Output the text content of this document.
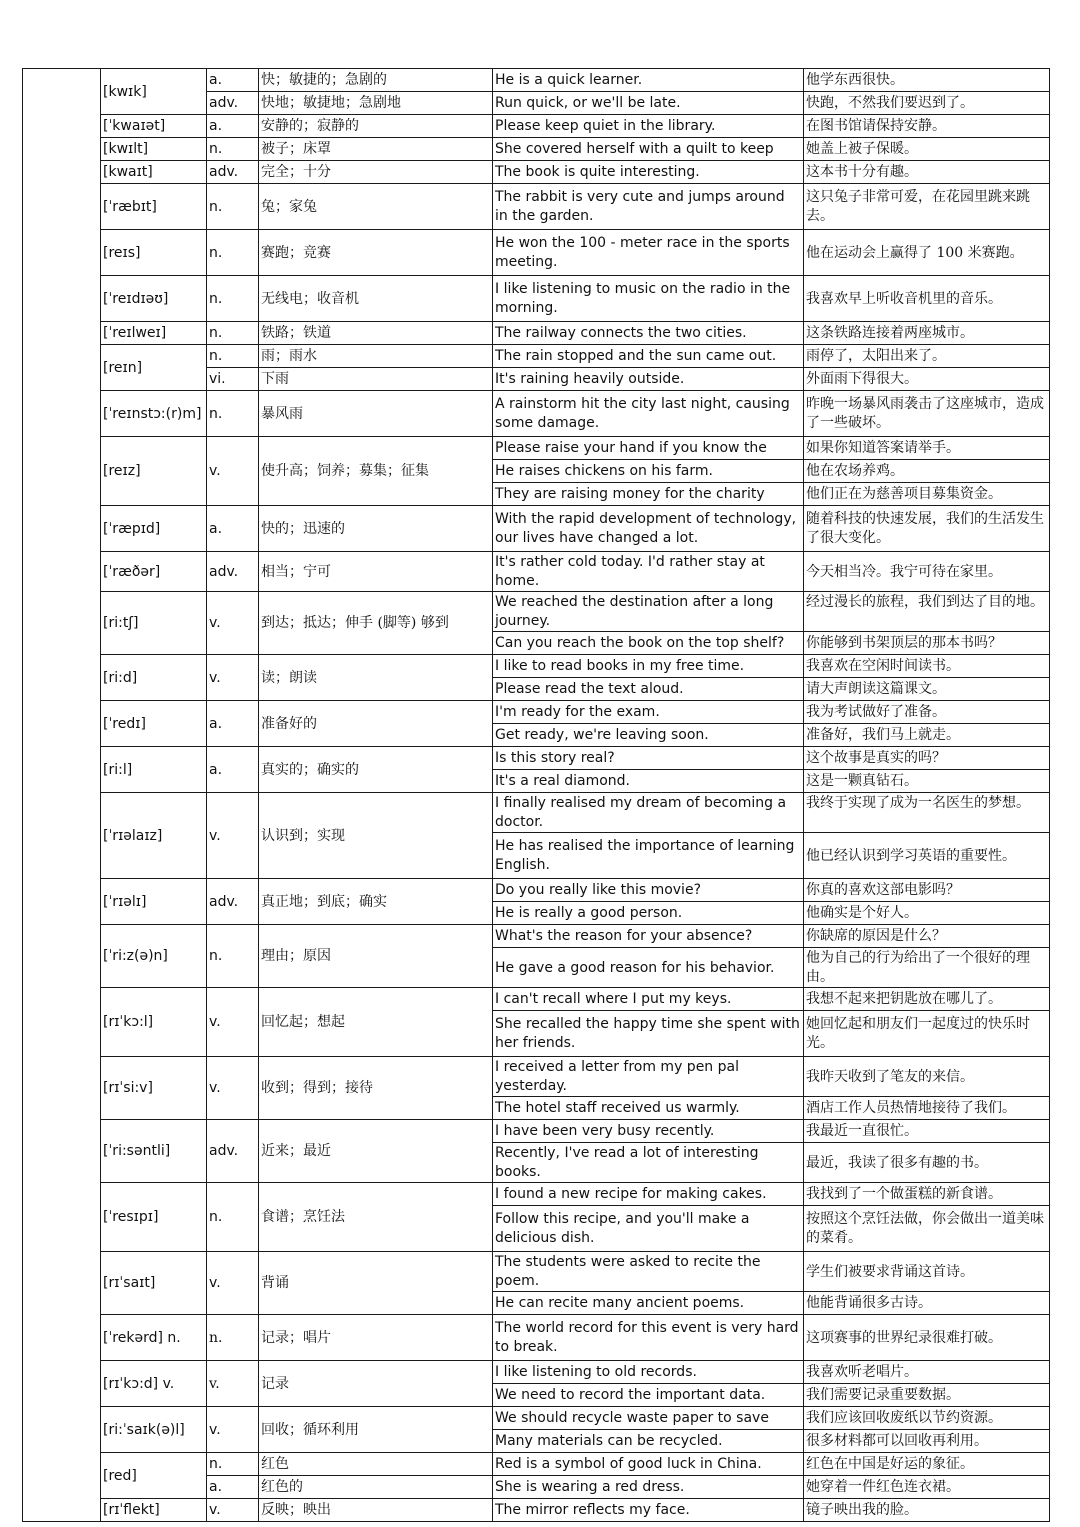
	[kwɪk]	a.	快；敏捷的；急剧的	He is a quick learner.	他学东西很快。
		adv.	快地；敏捷地；急剧地	Run quick, or we'll be late.	快跑，不然我们要迟到了。
	[ˈkwaɪət]	a.	安静的；寂静的	Please keep quiet in the library.	在图书馆请保持安静。
	[kwɪlt]	n.	被子；床罩	She covered herself with a quilt to keep	她盖上被子保暖。
	[kwaɪt]	adv.	完全；十分	The book is quite interesting.	这本书十分有趣。
	[ˈræbɪt]	n.	兔；家兔	The rabbit is very cute and jumps around in the garden.	这只兔子非常可爱，在花园里跳来跳去。
	[reɪs]	n.	赛跑；竞赛	He won the 100 - meter race in the sports meeting.	他在运动会上赢得了 100 米赛跑。
	[ˈreɪdɪəʊ]	n.	无线电；收音机	I like listening to music on the radio in the morning.	我喜欢早上听收音机里的音乐。
	[ˈreɪlweɪ]	n.	铁路；铁道	The railway connects the two cities.	这条铁路连接着两座城市。
	[reɪn]	n.	雨；雨水	The rain stopped and the sun came out.	雨停了，太阳出来了。
		vi.	下雨	It's raining heavily outside.	外面雨下得很大。
	[ˈreɪnstɔ:(r)m]	n.	暴风雨	A rainstorm hit the city last night, causing some damage.	昨晚一场暴风雨袭击了这座城市，造成了一些破坏。
	[reɪz]	v.	使升高；饲养；募集；征集	Please raise your hand if you know the	如果你知道答案请举手。
				He raises chickens on his farm.	他在农场养鸡。
				They are raising money for the charity	他们正在为慈善项目募集资金。
	[ˈræpɪd]	a.	快的；迅速的	With the rapid development of technology, our lives have changed a lot.	随着科技的快速发展，我们的生活发生了很大变化。
	[ˈræðər]	adv.	相当；宁可	It's rather cold today. I'd rather stay at home.	今天相当冷。我宁可待在家里。
	[ri:tʃ]	v.	到达；抵达；伸手 (脚等) 够到	We reached the destination after a long journey.	经过漫长的旅程，我们到达了目的地。
				Can you reach the book on the top shelf?	你能够到书架顶层的那本书吗？
	[ri:d]	v.	读；朗读	I like to read books in my free time.	我喜欢在空闲时间读书。
				Please read the text aloud.	请大声朗读这篇课文。
	[ˈredɪ]	a.	准备好的	I'm ready for the exam.	我为考试做好了准备。
				Get ready, we're leaving soon.	准备好，我们马上就走。
	[ri:l]	a.	真实的；确实的	Is this story real?	这个故事是真实的吗？
				It's a real diamond.	这是一颗真钻石。
	[ˈrɪəlaɪz]	v.	认识到；实现	I finally realised my dream of becoming a doctor.	我终于实现了成为一名医生的梦想。
				He has realised the importance of learning English.	他已经认识到学习英语的重要性。
	[ˈrɪəlɪ]	adv.	真正地；到底；确实	Do you really like this movie?	你真的喜欢这部电影吗？
				He is really a good person.	他确实是个好人。
	[ˈri:z(ə)n]	n.	理由；原因	What's the reason for your absence?	你缺席的原因是什么？
				He gave a good reason for his behavior.	他为自己的行为给出了一个很好的理由。
	[rɪˈkɔ:l]	v.	回忆起；想起	I can't recall where I put my keys.	我想不起来把钥匙放在哪儿了。
				She recalled the happy time she spent with her friends.	她回忆起和朋友们一起度过的快乐时光。
	[rɪˈsi:v]	v.	收到；得到；接待	I received a letter from my pen pal yesterday.	我昨天收到了笔友的来信。
				The hotel staff received us warmly.	酒店工作人员热情地接待了我们。
	[ˈri:səntli]	adv.	近来；最近	I have been very busy recently.	我最近一直很忙。
				Recently, I've read a lot of interesting books.	最近，我读了很多有趣的书。
	[ˈresɪpɪ]	n.	食谱；烹饪法	I found a new recipe for making cakes.	我找到了一个做蛋糕的新食谱。
				Follow this recipe, and you'll make a delicious dish.	按照这个烹饪法做，你会做出一道美味的菜肴。
	[rɪˈsaɪt]	v.	背诵	The students were asked to recite the poem.	学生们被要求背诵这首诗。
				He can recite many ancient poems.	他能背诵很多古诗。
	[ˈrekərd] n.	n.	记录；唱片	The world record for this event is very hard to break.	这项赛事的世界纪录很难打破。
	[rɪˈkɔ:d] v.	v.	记录	I like listening to old records.	我喜欢听老唱片。
				We need to record the important data.	我们需要记录重要数据。
	[ri:ˈsaɪk(ə)l]	v.	回收；循环利用	We should recycle waste paper to save	我们应该回收废纸以节约资源。
				Many materials can be recycled.	很多材料都可以回收再利用。
	[red]	n.	红色	Red is a symbol of good luck in China.	红色在中国是好运的象征。
		a.	红色的	She is wearing a red dress.	她穿着一件红色连衣裙。
	[rɪˈflekt]	v.	反映；映出	The mirror reflects my face.	镜子映出我的脸。
